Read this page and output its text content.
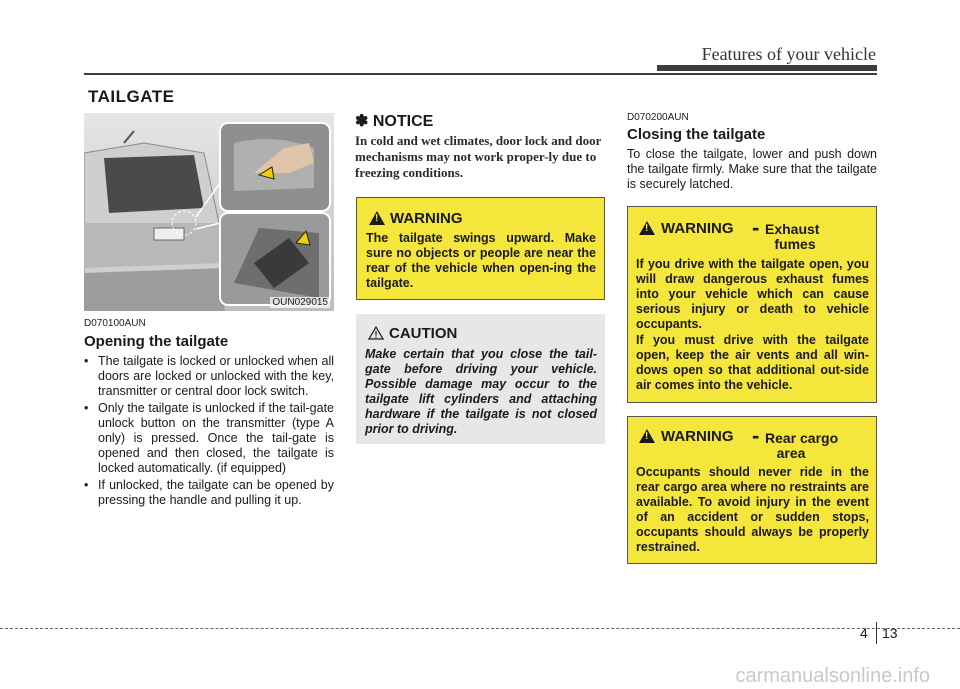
Features of your vehicle
TAILGATE
OUN029015
D070100AUN
Opening the tailgate
• The tailgate is locked or unlocked when all doors are locked or unlocked with the key, transmitter or central door lock switch.
• Only the tailgate is unlocked if the tail-gate unlock button on the transmitter (type A only) is pressed. Once the tail-gate is opened and then closed, the tailgate is locked automatically. (if equipped)
• If unlocked, the tailgate can be opened by pressing the handle and pulling it up.
✽ NOTICE
In cold and wet climates, door lock and door mechanisms may not work proper-ly due to freezing conditions.
!
WARNING
The tailgate swings upward. Make sure no objects or people are near the rear of the vehicle when open-ing the tailgate.
CAUTION
Make certain that you close the tail-gate before driving your vehicle. Possible damage may occur to the tailgate lift cylinders and attaching hardware if the tailgate is not closed prior to driving.
D070200AUN
Closing the tailgate
To close the tailgate, lower and push down the tailgate firmly. Make sure that the tailgate is securely latched.
!
WARNING - Exhaust
fumes
If you drive with the tailgate open, you will draw dangerous exhaust fumes into your vehicle which can cause serious injury or death to vehicle occupants.
If you must drive with the tailgate open, keep the air vents and all win-dows open so that additional out-side air comes into the vehicle.
!
WARNING - Rear cargo
area
Occupants should never ride in the rear cargo area where no restraints are available. To avoid injury in the event of an accident or sudden stops, occupants should always be properly restrained.
4 13
carmanualsonline.info
